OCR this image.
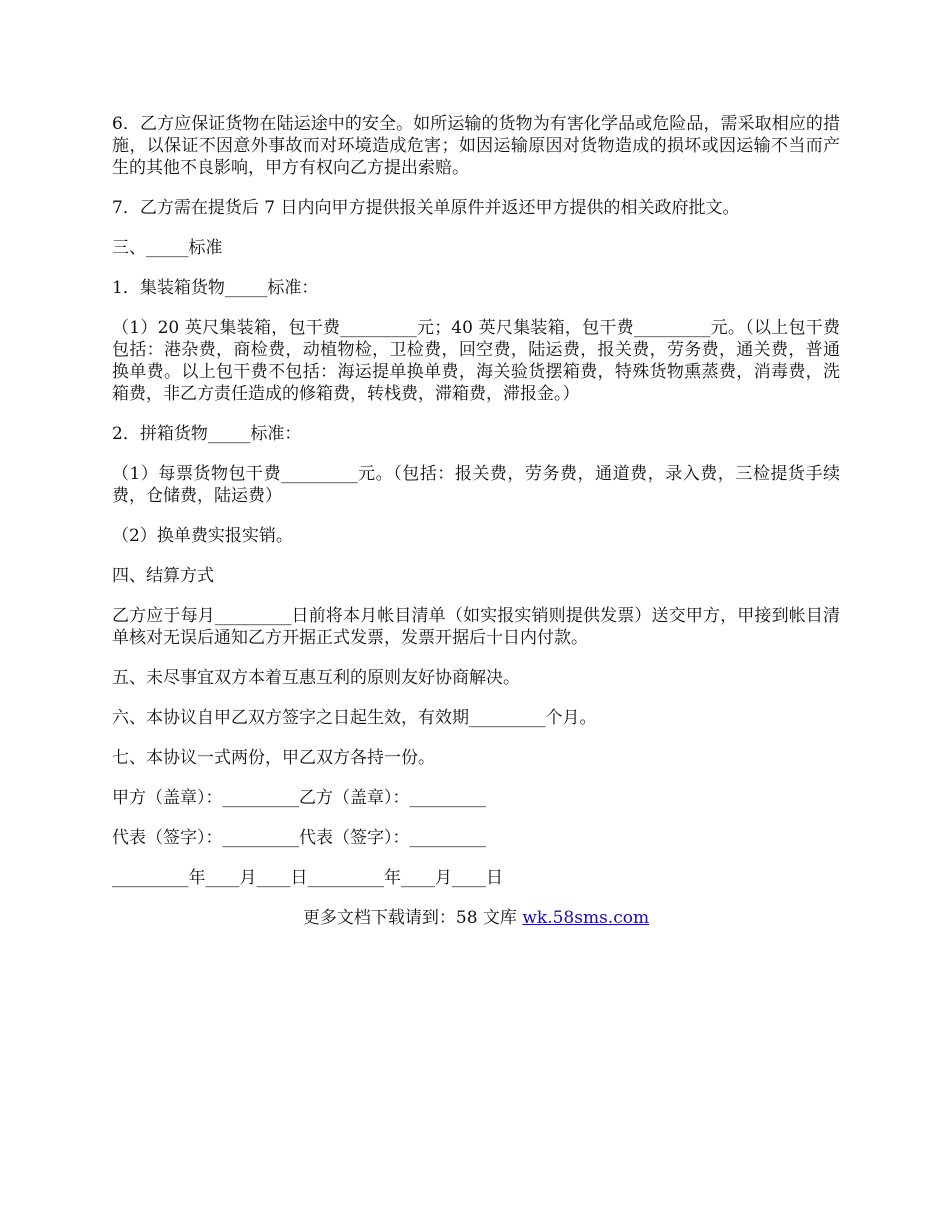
6．乙方应保证货物在陆运途中的安全。如所运输的货物为有害化学品或危险品，需采取相应的措施，以保证不因意外事故而对环境造成危害；如因运输原因对货物造成的损坏或因运输不当而产生的其他不良影响，甲方有权向乙方提出索赔。

7．乙方需在提货后 7 日内向甲方提供报关单原件并返还甲方提供的相关政府批文。

三、_____标准

1．集装箱货物_____标准：

（1）20 英尺集装箱，包干费_________元；40 英尺集装箱，包干费_________元。（以上包干费包括：港杂费，商检费，动植物检，卫检费，回空费，陆运费，报关费，劳务费，通关费，普通换单费。以上包干费不包括：海运提单换单费，海关验货摆箱费，特殊货物熏蒸费，消毒费，洗箱费，非乙方责任造成的修箱费，转栈费，滞箱费，滞报金。）

2．拼箱货物_____标准：

（1）每票货物包干费_________元。（包括：报关费，劳务费，通道费，录入费，三检提货手续费，仓储费，陆运费）

（2）换单费实报实销。

四、结算方式

乙方应于每月_________日前将本月帐目清单（如实报实销则提供发票）送交甲方，甲接到帐目清单核对无误后通知乙方开据正式发票，发票开据后十日内付款。

五、未尽事宜双方本着互惠互利的原则友好协商解决。

六、本协议自甲乙双方签字之日起生效，有效期_________个月。

七、本协议一式两份，甲乙双方各持一份。

甲方（盖章）：_________乙方（盖章）：_________

代表（签字）：_________代表（签字）：_________

_________年____月____日_________年____月____日

更多文档下载请到：58 文库 wk.58sms.com
